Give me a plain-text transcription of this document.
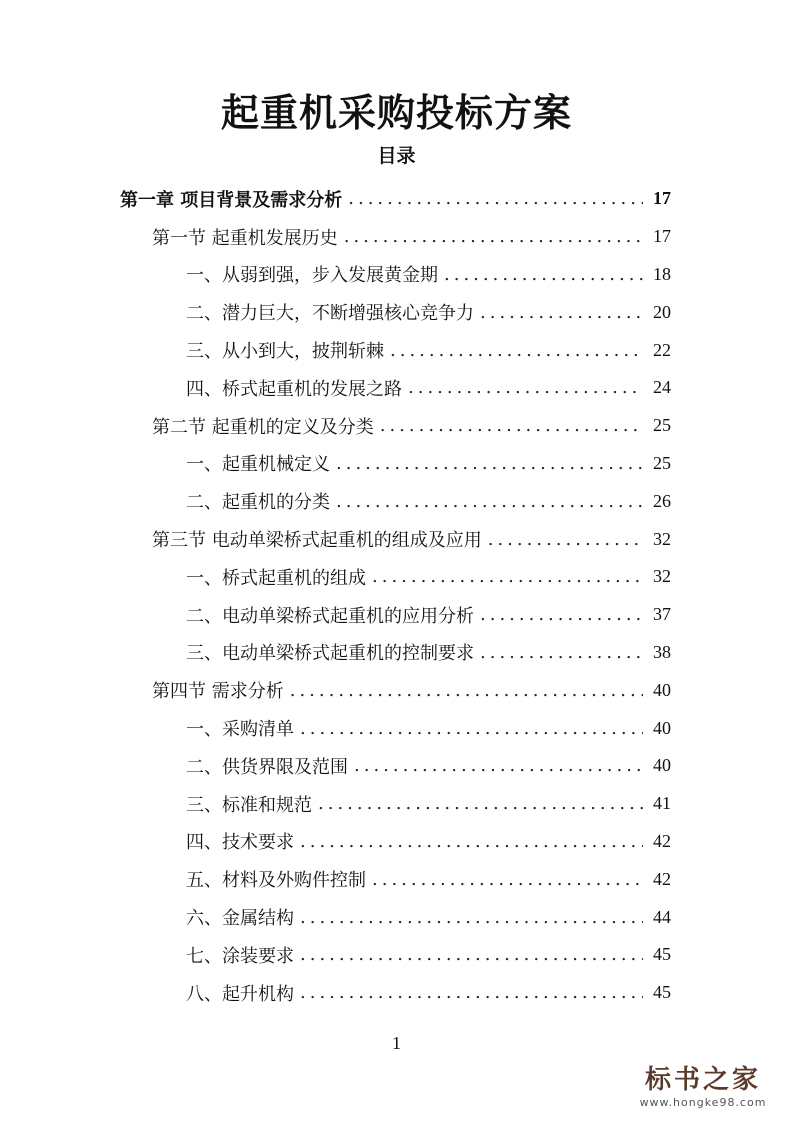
起重机采购投标方案
目录
第一章 项目背景及需求分析 .....	17
第一节 起重机发展历史 .....	17
一、从弱到强，步入发展黄金期 .....	18
二、潜力巨大，不断增强核心竞争力 .....	20
三、从小到大，披荆斩棘 .....	22
四、桥式起重机的发展之路 .....	24
第二节 起重机的定义及分类 .....	25
一、起重机械定义 .....	25
二、起重机的分类 .....	26
第三节 电动单梁桥式起重机的组成及应用 .....	32
一、桥式起重机的组成 .....	32
二、电动单梁桥式起重机的应用分析 .....	37
三、电动单梁桥式起重机的控制要求 .....	38
第四节 需求分析 .....	40
一、采购清单 .....	40
二、供货界限及范围 .....	40
三、标准和规范 .....	41
四、技术要求 .....	42
五、材料及外购件控制 .....	42
六、金属结构 .....	44
七、涂装要求 .....	45
八、起升机构 .....	45
1
标书之家
www.hongke98.com
